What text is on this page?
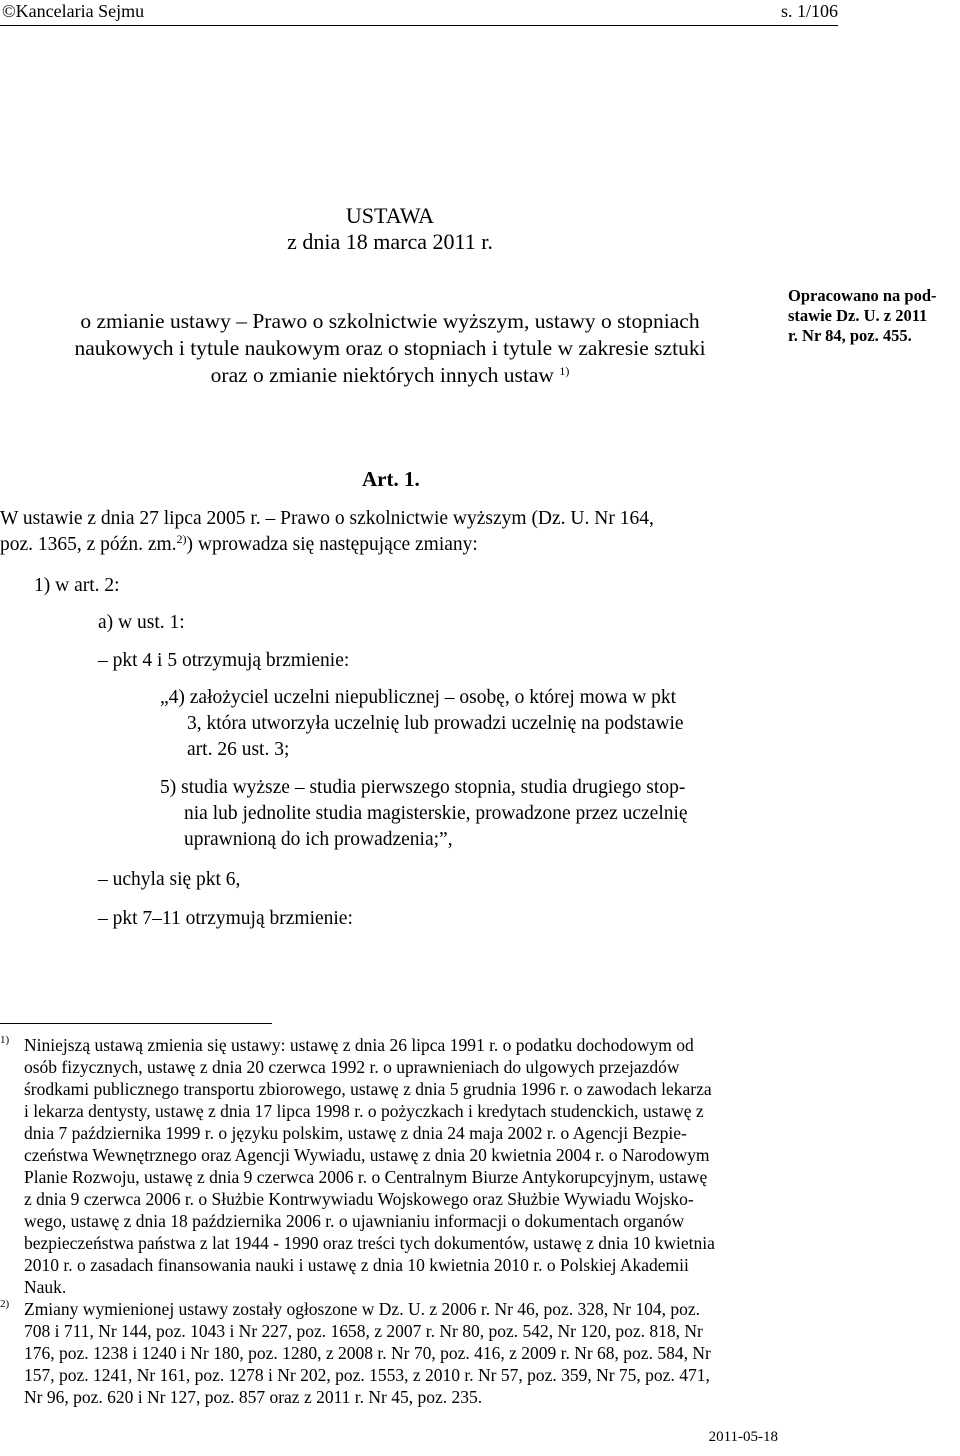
©Kancelaria Sejmu	s. 1/106
USTAWA
z dnia 18 marca 2011 r.
o zmianie ustawy – Prawo o szkolnictwie wyższym, ustawy o stopniach
naukowych i tytule naukowym oraz o stopniach i tytule w zakresie sztuki
oraz o zmianie niektórych innych ustaw $^{1)}$
Opracowano na pod-
stawie Dz. U. z 2011
r. Nr 84, poz. 455.
Art. 1.
W ustawie z dnia 27 lipca 2005 r. – Prawo o szkolnictwie wyższym (Dz. U. Nr 164,
poz. 1365, z późn. zm.$^{2)}$) wprowadza się następujące zmiany:
1) w art. 2:
a) w ust. 1:
– pkt 4 i 5 otrzymują brzmienie:
„4) założyciel uczelni niepublicznej – osobę, o której mowa w pkt
3, która utworzyła uczelnię lub prowadzi uczelnię na podstawie
art. 26 ust. 3;
5) studia wyższe – studia pierwszego stopnia, studia drugiego stop-
nia lub jednolite studia magisterskie, prowadzone przez uczelnię
uprawnioną do ich prowadzenia;”,
– uchyla się pkt 6,
– pkt 7–11 otrzymują brzmienie:
1) Niniejszą ustawą zmienia się ustawy: ustawę z dnia 26 lipca 1991 r. o podatku dochodowym od
osób fizycznych, ustawę z dnia 20 czerwca 1992 r. o uprawnieniach do ulgowych przejazdów
środkami publicznego transportu zbiorowego, ustawę z dnia 5 grudnia 1996 r. o zawodach lekarza
i lekarza dentysty, ustawę z dnia 17 lipca 1998 r. o pożyczkach i kredytach studenckich, ustawę z
dnia 7 października 1999 r. o języku polskim, ustawę z dnia 24 maja 2002 r. o Agencji Bezpie-
czeństwa Wewnętrznego oraz Agencji Wywiadu, ustawę z dnia 20 kwietnia 2004 r. o Narodowym
Planie Rozwoju, ustawę z dnia 9 czerwca 2006 r. o Centralnym Biurze Antykorupcyjnym, ustawę
z dnia 9 czerwca 2006 r. o Służbie Kontrwywiadu Wojskowego oraz Służbie Wywiadu Wojsko-
wego, ustawę z dnia 18 października 2006 r. o ujawnianiu informacji o dokumentach organów
bezpieczeństwa państwa z lat 1944 - 1990 oraz treści tych dokumentów, ustawę z dnia 10 kwietnia
2010 r. o zasadach finansowania nauki i ustawę z dnia 10 kwietnia 2010 r. o Polskiej Akademii
Nauk.
2) Zmiany wymienionej ustawy zostały ogłoszone w Dz. U. z 2006 r. Nr 46, poz. 328, Nr 104, poz.
708 i 711, Nr 144, poz. 1043 i Nr 227, poz. 1658, z 2007 r. Nr 80, poz. 542, Nr 120, poz. 818, Nr
176, poz. 1238 i 1240 i Nr 180, poz. 1280, z 2008 r. Nr 70, poz. 416, z 2009 r. Nr 68, poz. 584, Nr
157, poz. 1241, Nr 161, poz. 1278 i Nr 202, poz. 1553, z 2010 r. Nr 57, poz. 359, Nr 75, poz. 471,
Nr 96, poz. 620 i Nr 127, poz. 857 oraz z 2011 r. Nr 45, poz. 235.
2011-05-18
